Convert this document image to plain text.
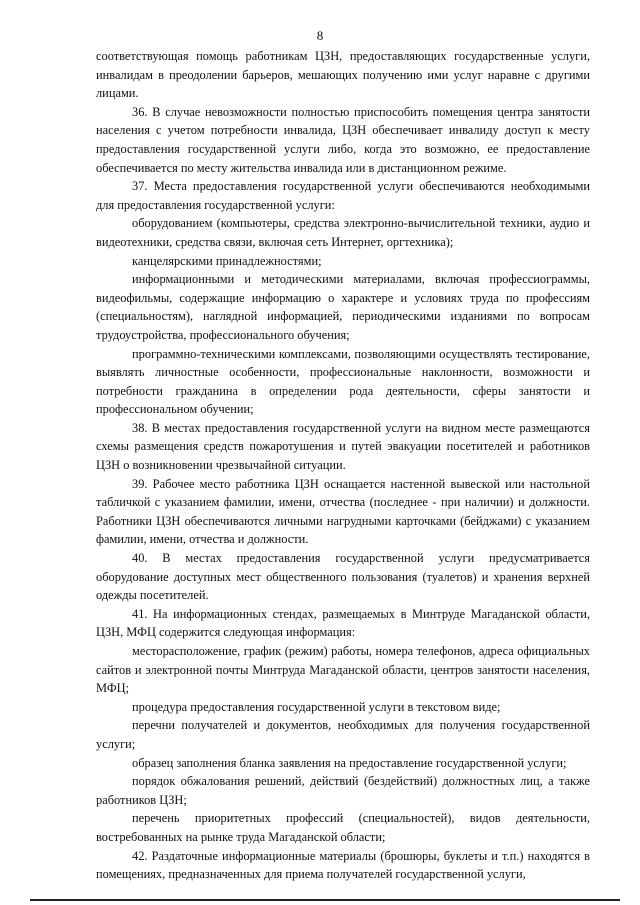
8

соответствующая помощь работникам ЦЗН, предоставляющих государственные услуги, инвалидам в преодолении барьеров, мешающих получению ими услуг наравне с другими лицами.

36. В случае невозможности полностью приспособить помещения центра занятости населения с учетом потребности инвалида, ЦЗН обеспечивает инвалиду доступ к месту предоставления государственной услуги либо, когда это возможно, ее предоставление обеспечивается по месту жительства инвалида или в дистанционном режиме.

37. Места предоставления государственной услуги обеспечиваются необходимыми для предоставления государственной услуги:

оборудованием (компьютеры, средства электронно-вычислительной техники, аудио и видеотехники, средства связи, включая сеть Интернет, оргтехника);

канцелярскими принадлежностями;

информационными и методическими материалами, включая профессиограммы, видеофильмы, содержащие информацию о характере и условиях труда по профессиям (специальностям), наглядной информацией, периодическими изданиями по вопросам трудоустройства, профессионального обучения;

программно-техническими комплексами, позволяющими осуществлять тестирование, выявлять личностные особенности, профессиональные наклонности, возможности и потребности гражданина в определении рода деятельности, сферы занятости и профессиональном обучении;

38. В местах предоставления государственной услуги на видном месте размещаются схемы размещения средств пожаротушения и путей эвакуации посетителей и работников ЦЗН о возникновении чрезвычайной ситуации.

39. Рабочее место работника ЦЗН оснащается настенной вывеской или настольной табличкой с указанием фамилии, имени, отчества (последнее - при наличии) и должности. Работники ЦЗН обеспечиваются личными нагрудными карточками (бейджами) с указанием фамилии, имени, отчества и должности.

40. В местах предоставления государственной услуги предусматривается оборудование доступных мест общественного пользования (туалетов) и хранения верхней одежды посетителей.

41. На информационных стендах, размещаемых в Минтруде Магаданской области, ЦЗН, МФЦ содержится следующая информация:

месторасположение, график (режим) работы, номера телефонов, адреса официальных сайтов и электронной почты Минтруда Магаданской области, центров занятости населения, МФЦ;

процедура предоставления государственной услуги в текстовом виде;

перечни получателей и документов, необходимых для получения государственной услуги;

образец заполнения бланка заявления на предоставление государственной услуги;

порядок обжалования решений, действий (бездействий) должностных лиц, а также работников ЦЗН;

перечень приоритетных профессий (специальностей), видов деятельности, востребованных на рынке труда Магаданской области;

42. Раздаточные информационные материалы (брошюры, буклеты и т.п.) находятся в помещениях, предназначенных для приема получателей государственной услуги,
